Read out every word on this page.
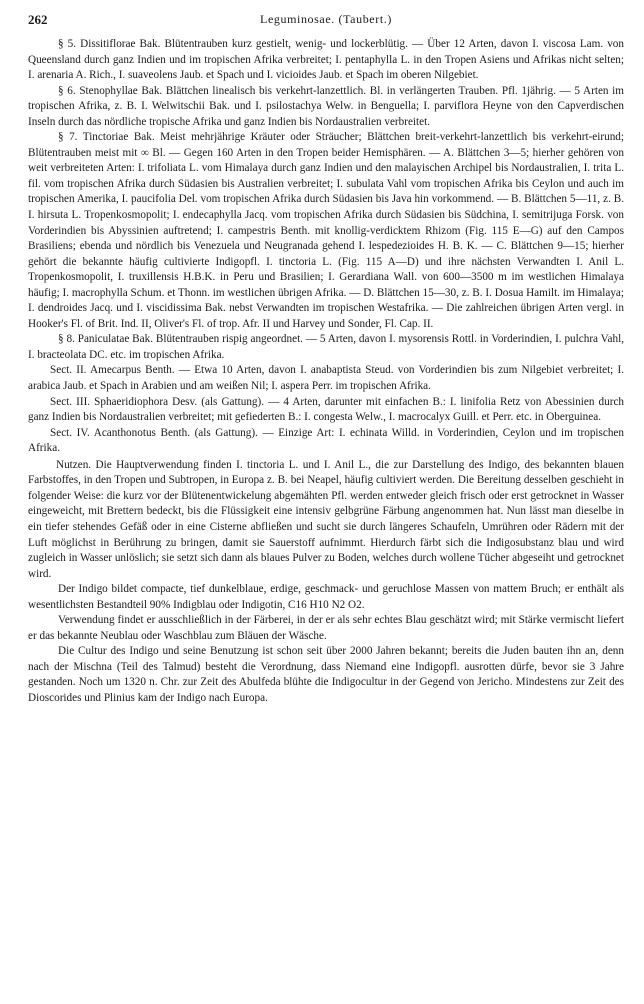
262	Leguminosae. (Taubert.)

§ 5. Dissitiflorae Bak. Blütentrauben kurz gestielt, wenig- und lockerblütig. — Über 12 Arten, davon I. viscosa Lam. von Queensland durch ganz Indien und im tropischen Afrika verbreitet; I. pentaphylla L. in den Tropen Asiens und Afrikas nicht selten; I. arenaria A. Rich., I. suaveolens Jaub. et Spach und I. vicioides Jaub. et Spach im oberen Nilgebiet.

§ 6. Stenophyllae Bak. Blättchen linealisch bis verkehrt-lanzettlich. Bl. in verlängerten Trauben. Pfl. 1jährig. — 5 Arten im tropischen Afrika, z. B. I. Welwitschii Bak. und I. psilostachya Welw. in Benguella; I. parviflora Heyne von den Capverdischen Inseln durch das nördliche tropische Afrika und ganz Indien bis Nordaustralien verbreitet.

§ 7. Tinctoriae Bak. Meist mehrjährige Kräuter oder Sträucher; Blättchen breit-verkehrt-lanzettlich bis verkehrt-eirund; Blütentrauben meist mit ∞ Bl. — Gegen 160 Arten in den Tropen beider Hemisphären. — A. Blättchen 3—5; hierher gehören von weit verbreiteten Arten: I. trifoliata L. vom Himalaya durch ganz Indien und den malayischen Archipel bis Nordaustralien, I. trita L. fil. vom tropischen Afrika durch Südasien bis Australien verbreitet; I. subulata Vahl vom tropischen Afrika bis Ceylon und auch im tropischen Amerika, I. paucifolia Del. vom tropischen Afrika durch Südasien bis Java hin vorkommend. — B. Blättchen 5—11, z. B. I. hirsuta L. Tropenkosmopolit; I. endecaphylla Jacq. vom tropischen Afrika durch Südasien bis Südchina, I. semitrijuga Forsk. von Vorderindien bis Abyssinien auftretend; I. campestris Benth. mit knollig-verdicktem Rhizom (Fig. 115 E—G) auf den Campos Brasiliens; ebenda und nördlich bis Venezuela und Neugranada gehend I. lespedezioides H. B. K. — C. Blättchen 9—15; hierher gehört die bekannte häufig cultivierte Indigopfl. I. tinctoria L. (Fig. 115 A—D) und ihre nächsten Verwandten I. Anil L. Tropenkosmopolit, I. truxillensis H.B.K. in Peru und Brasilien; I. Gerardiana Wall. von 600—3500 m im westlichen Himalaya häufig; I. macrophylla Schum. et Thonn. im westlichen übrigen Afrika. — D. Blättchen 15—30, z. B. I. Dosua Hamilt. im Himalaya; I. dendroides Jacq. und I. viscidissima Bak. nebst Verwandten im tropischen Westafrika. — Die zahlreichen übrigen Arten vergl. in Hooker's Fl. of Brit. Ind. II, Oliver's Fl. of trop. Afr. II und Harvey und Sonder, Fl. Cap. II.

§ 8. Paniculatae Bak. Blütentrauben rispig angeordnet. — 5 Arten, davon I. mysorensis Rottl. in Vorderindien, I. pulchra Vahl, I. bracteolata DC. etc. im tropischen Afrika.

Sect. II. Amecarpus Benth. — Etwa 10 Arten, davon I. anabaptista Steud. von Vorderindien bis zum Nilgebiet verbreitet; I. arabica Jaub. et Spach in Arabien und am weißen Nil; I. aspera Perr. im tropischen Afrika.

Sect. III. Sphaeridiophora Desv. (als Gattung). — 4 Arten, darunter mit einfachen B.: I. linifolia Retz von Abessinien durch ganz Indien bis Nordaustralien verbreitet; mit gefiederten B.: I. congesta Welw., I. macrocalyx Guill. et Perr. etc. in Oberguinea.

Sect. IV. Acanthonotus Benth. (als Gattung). — Einzige Art: I. echinata Willd. in Vorderindien, Ceylon und im tropischen Afrika.

Nutzen. Die Hauptverwendung finden I. tinctoria L. und I. Anil L., die zur Darstellung des Indigo, des bekannten blauen Farbstoffes, in den Tropen und Subtropen, in Europa z. B. bei Neapel, häufig cultiviert werden. Die Bereitung desselben geschieht in folgender Weise: die kurz vor der Blütenentwickelung abgemähten Pfl. werden entweder gleich frisch oder erst getrocknet in Wasser eingeweicht, mit Brettern bedeckt, bis die Flüssigkeit eine intensiv gelbgrüne Färbung angenommen hat. Nun lässt man dieselbe in ein tiefer stehendes Gefäß oder in eine Cisterne abfließen und sucht sie durch längeres Schaufeln, Umrühren oder Rädern mit der Luft möglichst in Berührung zu bringen, damit sie Sauerstoff aufnimmt. Hierdurch färbt sich die Indigosubstanz blau und wird zugleich in Wasser unlöslich; sie setzt sich dann als blaues Pulver zu Boden, welches durch wollene Tücher abgeseiht und getrocknet wird.

Der Indigo bildet compacte, tief dunkelblaue, erdige, geschmack- und geruchlose Massen von mattem Bruch; er enthält als wesentlichsten Bestandteil 90% Indigblau oder Indigotin, C16 H10 N2 O2.

Verwendung findet er ausschließlich in der Färberei, in der er als sehr echtes Blau geschätzt wird; mit Stärke vermischt liefert er das bekannte Neublau oder Waschblau zum Bläuen der Wäsche.

Die Cultur des Indigo und seine Benutzung ist schon seit über 2000 Jahren bekannt; bereits die Juden bauten ihn an, denn nach der Mischna (Teil des Talmud) besteht die Verordnung, dass Niemand eine Indigopfl. ausrotten dürfe, bevor sie 3 Jahre gestanden. Noch um 1320 n. Chr. zur Zeit des Abulfeda blühte die Indigocultur in der Gegend von Jericho. Mindestens zur Zeit des Dioscorides und Plinius kam der Indigo nach Europa.
